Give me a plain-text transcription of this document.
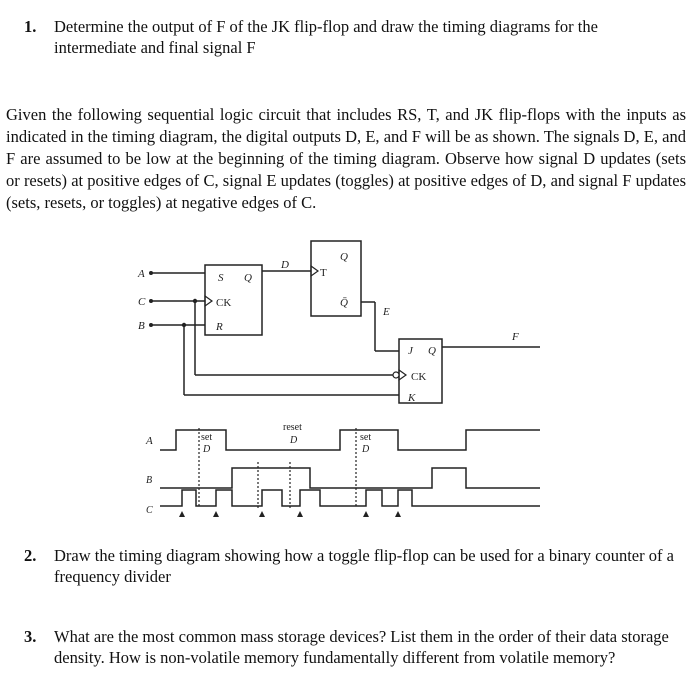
1. Determine the output of F of the JK flip-flop and draw the timing diagrams for the intermediate and final signal F
Given the following sequential logic circuit that includes RS, T, and JK flip-flops with the inputs as indicated in the timing diagram, the digital outputs D, E, and F will be as shown. The signals D, E, and F are assumed to be low at the beginning of the timing diagram. Observe how signal D updates (sets or resets) at positive edges of C, signal E updates (toggles) at positive edges of D, and signal F updates (sets, resets, or toggles) at negative edges of C.
A
C
B
S Q
CK
R
D
T
Q
Q̄
E
J Q
CK
K
F
A
B
C
set
D
reset
D	set
D
2. Draw the timing diagram showing how a toggle flip-flop can be used for a binary counter of a frequency divider
3. What are the most common mass storage devices? List them in the order of their data storage density. How is non-volatile memory fundamentally different from volatile memory?
